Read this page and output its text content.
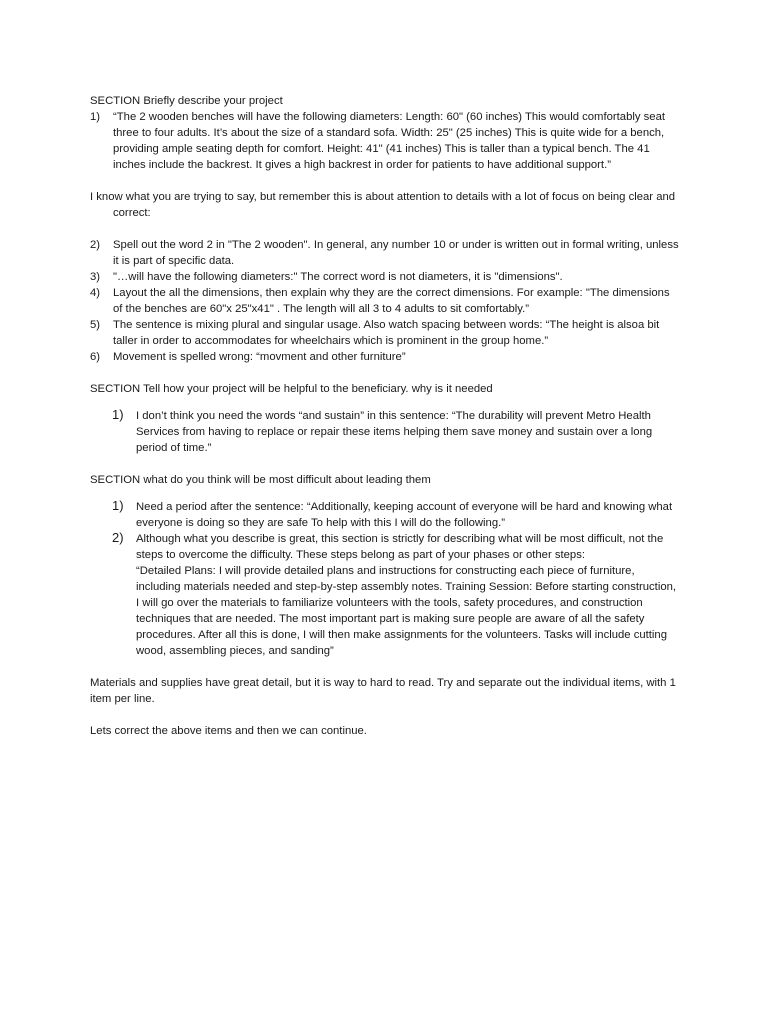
SECTION Briefly describe your project

1) “The 2 wooden benches will have the following diameters: Length: 60" (60 inches) This would comfortably seat three to four adults. It’s about the size of a standard sofa. Width: 25" (25 inches) This is quite wide for a bench, providing ample seating depth for comfort. Height: 41" (41 inches) This is taller than a typical bench. The 41 inches include the backrest. It gives a high backrest in order for patients to have additional support.”

I know what you are trying to say, but remember this is about attention to details with a lot of focus on being clear and correct:

2) Spell out the word 2 in "The 2 wooden". In general, any number 10 or under is written out in formal writing, unless it is part of specific data.
3) "…will have the following diameters:" The correct word is not diameters, it is "dimensions".
4) Layout the all the dimensions, then explain why they are the correct dimensions. For example: "The dimensions of the benches are 60"x 25"x41" . The length will all 3 to 4 adults to sit comfortably.”
5) The sentence is mixing plural and singular usage. Also watch spacing between words: “The height is alsoa bit taller in order to accommodates for wheelchairs which is prominent in the group home.”
6) Movement is spelled wrong: “movment and other furniture”

SECTION Tell how your project will be helpful to the beneficiary. why is it needed

1) I don’t think you need the words “and sustain” in this sentence: “The durability will prevent Metro Health Services from having to replace or repair these items helping them save money and sustain over a long period of time.”

SECTION what do you think will be most difficult about leading them

1) Need a period after the sentence: “Additionally, keeping account of everyone will be hard and knowing what everyone is doing so they are safe To help with this I will do the following.”
2) Although what you describe is great, this section is strictly for describing what will be most difficult, not the steps to overcome the difficulty. These steps belong as part of your phases or other steps:
“Detailed Plans: I will provide detailed plans and instructions for constructing each piece of furniture, including materials needed and step-by-step assembly notes. Training Session: Before starting construction, I will go over the materials to familiarize volunteers with the tools, safety procedures, and construction techniques that are needed. The most important part is making sure people are aware of all the safety procedures. After all this is done, I will then make assignments for the volunteers. Tasks will include cutting wood, assembling pieces, and sanding”

Materials and supplies have great detail, but it is way to hard to read. Try and separate out the individual items, with 1 item per line.

Lets correct the above items and then we can continue.
